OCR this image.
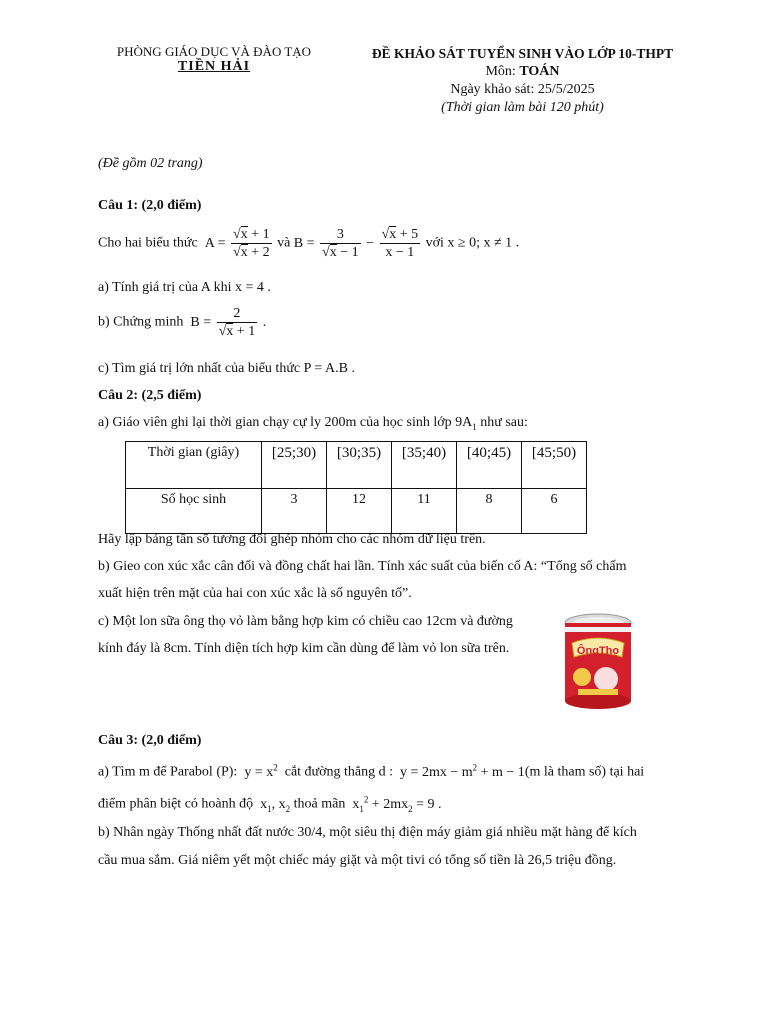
PHÒNG GIÁO DỤC VÀ ĐÀO TẠO
TIỀN HẢI
ĐỀ KHẢO SÁT TUYỂN SINH VÀO LỚP 10-THPT
Môn: TOÁN
Ngày khảo sát: 25/5/2025
(Thời gian làm bài 120 phút)
(Đề gồm 02 trang)
Câu 1: (2,0 điểm)
Cho hai biểu thức  $A = \frac{√x + 1}{√x + 2}$ và $B = \frac{3}{√x - 1} - \frac{√x + 5}{x - 1}$ với x ≥ 0; x ≠ 1 .
a) Tính giá trị của A khi x = 4 .
b) Chứng minh  $B = \frac{2}{√x + 1}$ .
c) Tìm giá trị lớn nhất của biểu thức P = A.B .
Câu 2: (2,5 điểm)
a) Giáo viên ghi lại thời gian chạy cự ly 200m của học sinh lớp $9A_1$ như sau:
Thời gian (giây)	[25;30)	[30;35)	[35;40)	[40;45)	[45;50)
Số học sinh	3	12	11	8	6
Hãy lập bảng tần số tương đối ghép nhóm cho các nhóm dữ liệu trên.
b) Gieo con xúc xắc cân đối và đồng chất hai lần. Tính xác suất của biến cố A: “Tổng số chấm
xuất hiện trên mặt của hai con xúc xắc là số nguyên tố”.
c) Một lon sữa ông thọ vỏ làm bằng hợp kim có chiều cao 12cm và đường
kính đáy là 8cm. Tính diện tích hợp kim cần dùng để làm vỏ lon sữa trên.	ÔngThọ
Câu 3: (2,0 điểm)
a) Tìm m để Parabol (P):  $y = x^2$ cắt đường thẳng d :  $y = 2mx - m^2 + m - 1(m$ là tham số) tại hai
điểm phân biệt có hoành độ  $x_1$, $x_2$ thoả mãn  $x_1^2 + 2mx_2 = 9$ .
b) Nhân ngày Thống nhất đất nước 30/4, một siêu thị điện máy giảm giá nhiều mặt hàng để kích
cầu mua sắm. Giá niêm yết một chiếc máy giặt và một tivi có tổng số tiền là 26,5 triệu đồng.
